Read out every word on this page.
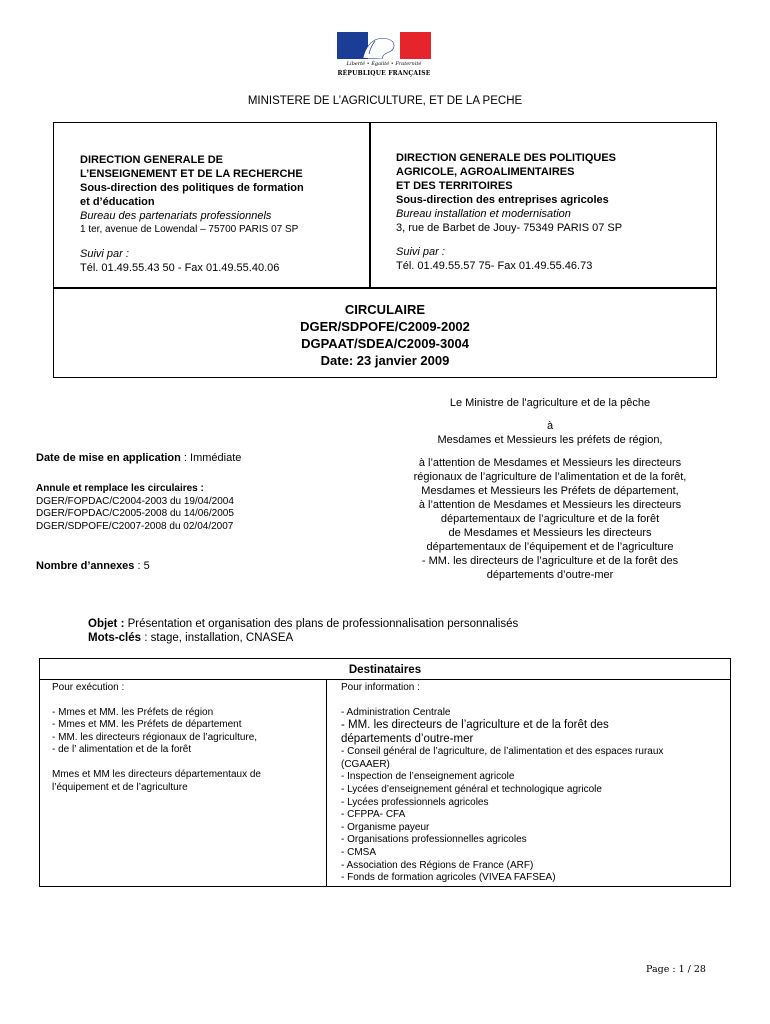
Liberté • Égalité • Fraternité
RÉPUBLIQUE FRANÇAISE
MINISTERE DE L’AGRICULTURE, ET DE LA PECHE
DIRECTION GENERALE DE
L’ENSEIGNEMENT ET DE LA RECHERCHE
Sous-direction des politiques de formation
et d’éducation
Bureau des partenariats professionnels
1 ter, avenue de Lowendal – 75700 PARIS 07 SP
Suivi par :
Tél. 01.49.55.43 50 - Fax 01.49.55.40.06
DIRECTION GENERALE DES POLITIQUES
AGRICOLE, AGROALIMENTAIRES
ET DES TERRITOIRES
Sous-direction des entreprises agricoles
Bureau installation et modernisation
3, rue de Barbet de Jouy- 75349 PARIS 07 SP
Suivi par :
Tél. 01.49.55.57 75- Fax 01.49.55.46.73
CIRCULAIRE
DGER/SDPOFE/C2009-2002
DGPAAT/SDEA/C2009-3004
Date: 23 janvier 2009
Le Ministre de l'agriculture et de la pêche
à
Mesdames et Messieurs les préfets de région,
à l’attention de Mesdames et Messieurs les directeurs
régionaux de l’agriculture de l’alimentation et de la forêt,
Mesdames et Messieurs les Préfets de département,
à l’attention de Mesdames et Messieurs les directeurs
départementaux de l’agriculture et de la forêt
de Mesdames et Messieurs les directeurs
départementaux de l’équipement et de l’agriculture
- MM. les directeurs de l’agriculture et de la forêt des
départements d’outre-mer
Date de mise en application : Immédiate
Annule et remplace les circulaires :
DGER/FOPDAC/C2004-2003 du 19/04/2004
DGER/FOPDAC/C2005-2008 du 14/06/2005
DGER/SDPOFE/C2007-2008 du 02/04/2007
Nombre d’annexes : 5
Objet : Présentation et organisation des plans de professionnalisation personnalisés
Mots-clés : stage, installation, CNASEA
Destinataires
Pour exécution :
- Mmes et MM. les Préfets de région
- Mmes et MM. les Préfets de département
- MM. les directeurs régionaux de l’agriculture,
- de l’ alimentation et de la forêt
Mmes et MM les directeurs départementaux de
l’équipement et de l’agriculture
Pour information :
- Administration Centrale
- MM. les directeurs de l’agriculture et de la forêt des
départements d’outre-mer
- Conseil général de l’agriculture, de l’alimentation et des espaces ruraux
(CGAAER)
- Inspection de l’enseignement agricole
- Lycées d’enseignement général et technologique agricole
- Lycées professionnels agricoles
- CFPPA- CFA
- Organisme payeur
- Organisations professionnelles agricoles
- CMSA
- Association des Régions de France (ARF)
- Fonds de formation agricoles (VIVEA FAFSEA)
Page : 1 / 28
